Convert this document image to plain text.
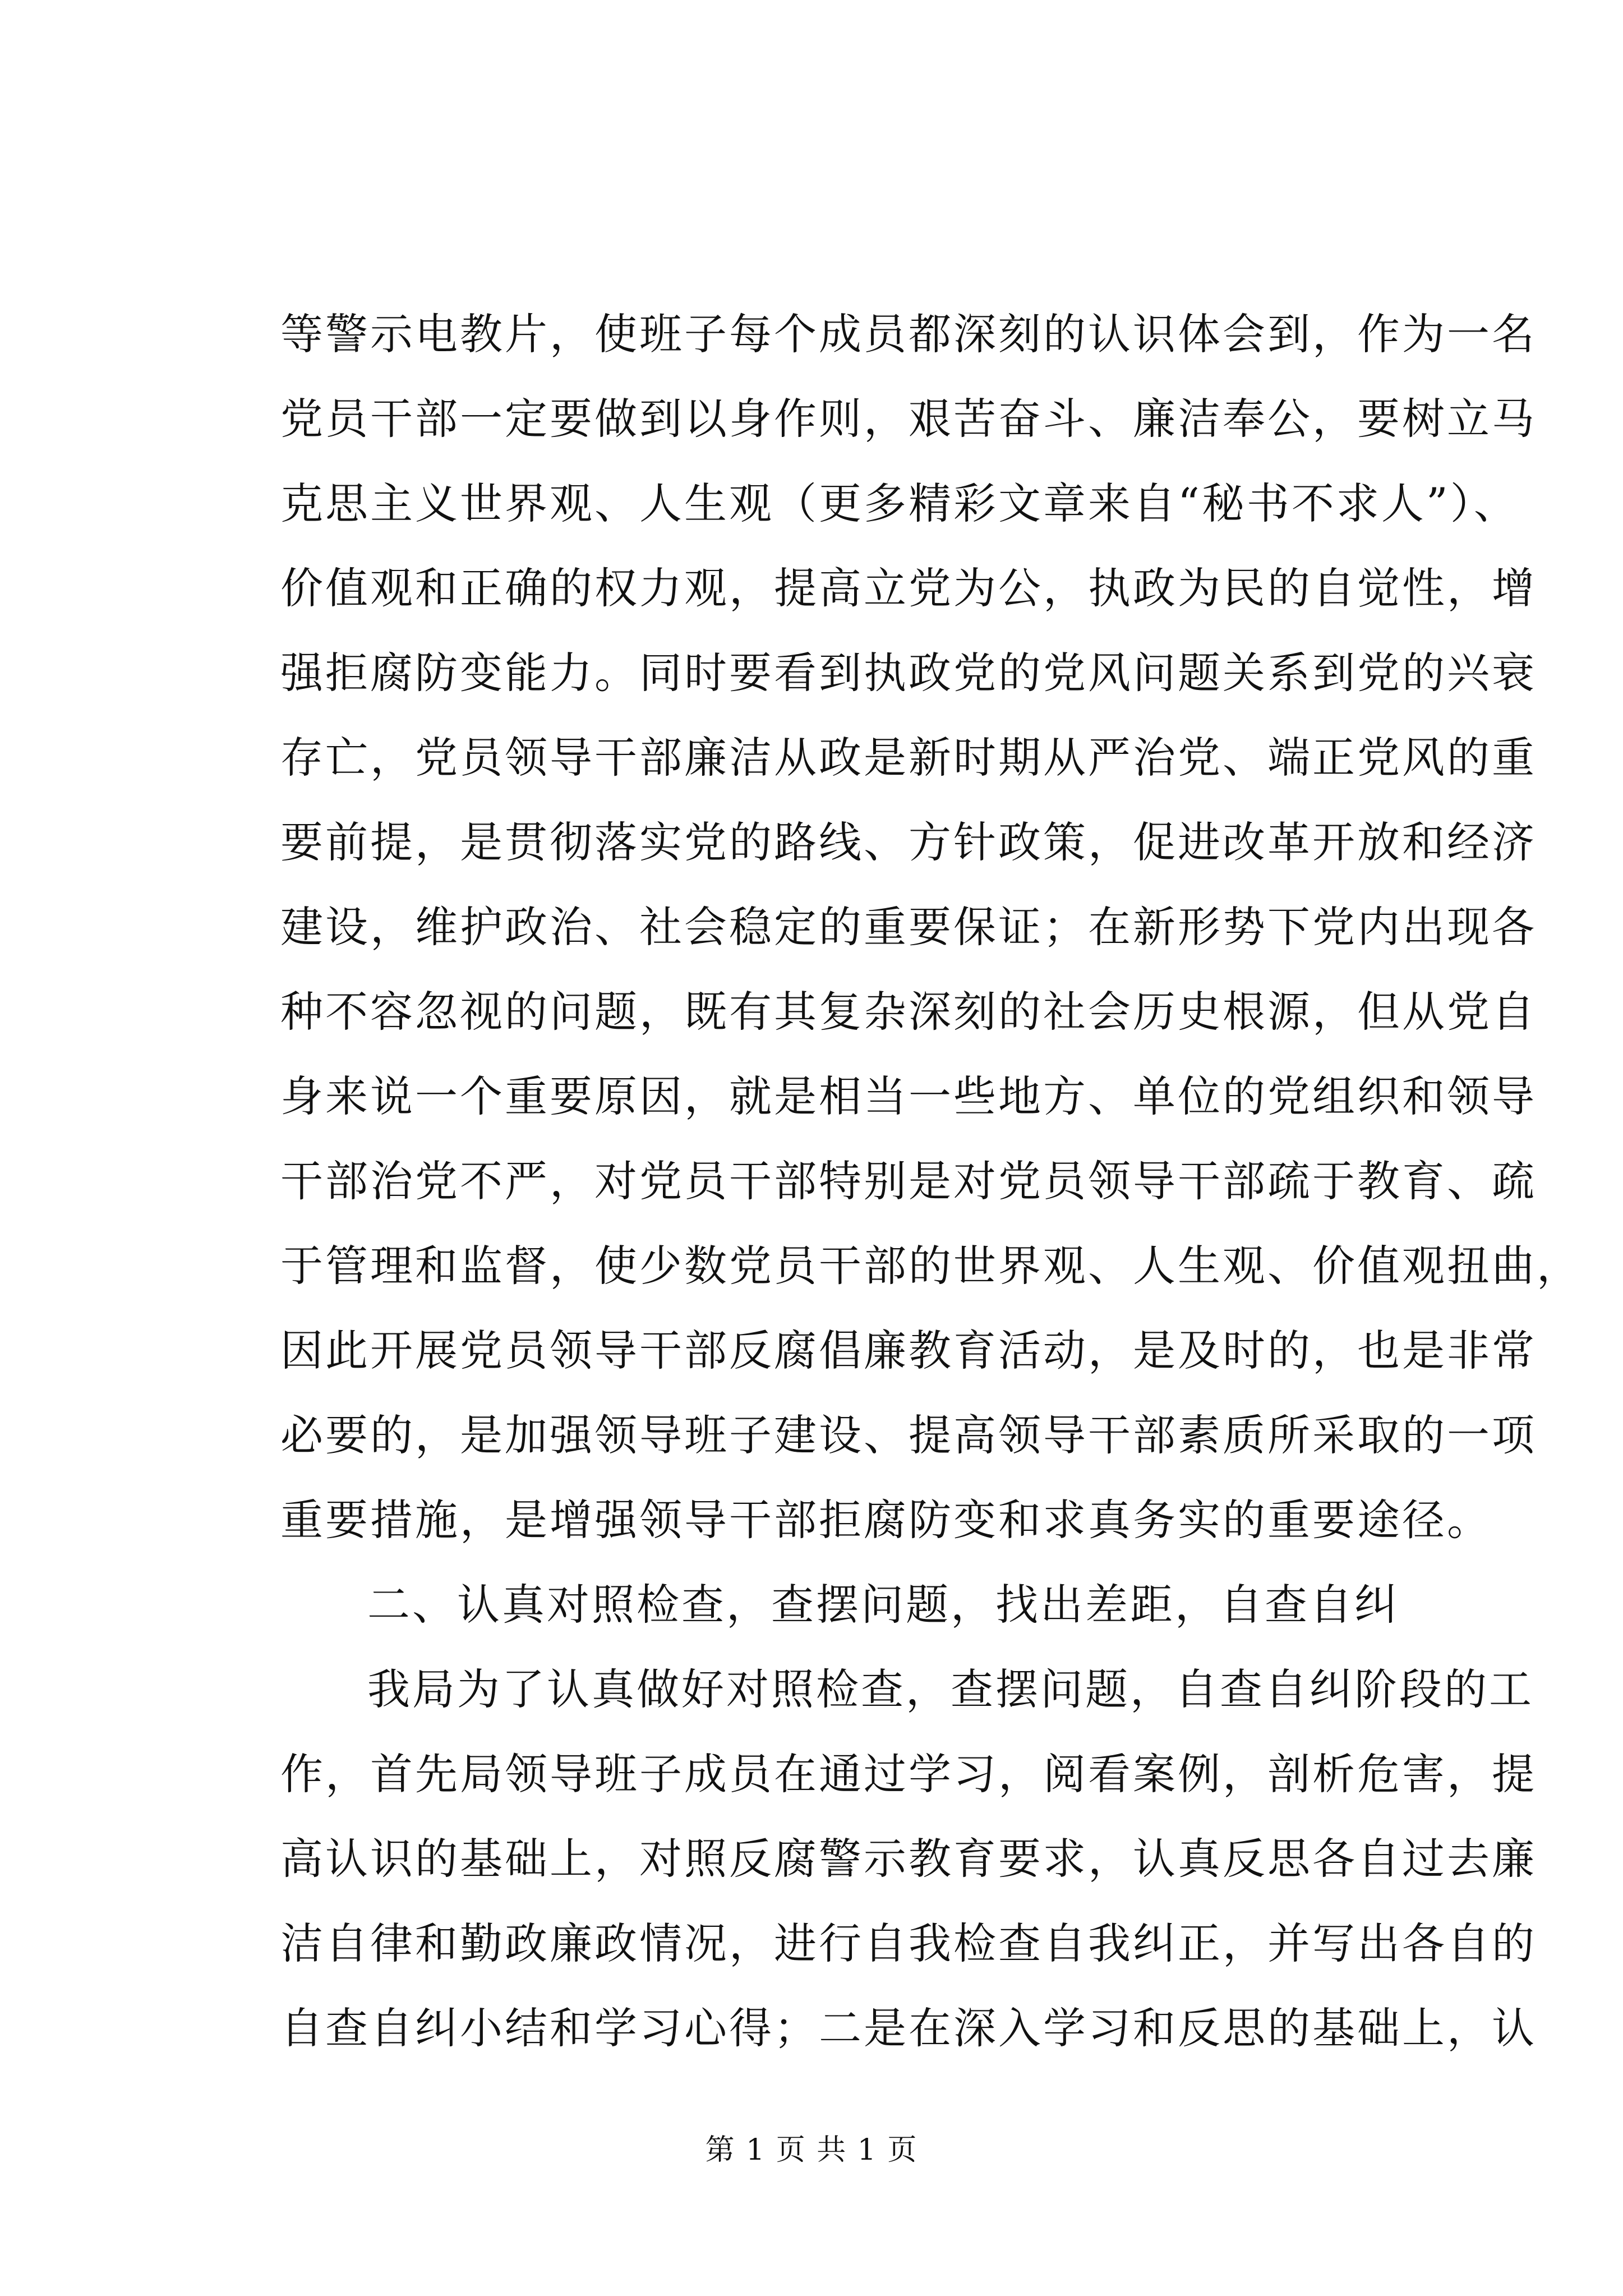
等警示电教片，使班子每个成员都深刻的认识体会到，作为一名
党员干部一定要做到以身作则，艰苦奋斗、廉洁奉公，要树立马
克思主义世界观、人生观（更多精彩文章来自“秘书不求人”）、
价值观和正确的权力观，提高立党为公，执政为民的自觉性，增
强拒腐防变能力。同时要看到执政党的党风问题关系到党的兴衰
存亡，党员领导干部廉洁从政是新时期从严治党、端正党风的重
要前提，是贯彻落实党的路线、方针政策，促进改革开放和经济
建设，维护政治、社会稳定的重要保证；在新形势下党内出现各
种不容忽视的问题，既有其复杂深刻的社会历史根源，但从党自
身来说一个重要原因，就是相当一些地方、单位的党组织和领导
干部治党不严，对党员干部特别是对党员领导干部疏于教育、疏
于管理和监督，使少数党员干部的世界观、人生观、价值观扭曲，
因此开展党员领导干部反腐倡廉教育活动，是及时的，也是非常
必要的，是加强领导班子建设、提高领导干部素质所采取的一项
重要措施，是增强领导干部拒腐防变和求真务实的重要途径。
二、认真对照检查，查摆问题，找出差距，自查自纠
我局为了认真做好对照检查，查摆问题，自查自纠阶段的工
作，首先局领导班子成员在通过学习，阅看案例，剖析危害，提
高认识的基础上，对照反腐警示教育要求，认真反思各自过去廉
洁自律和勤政廉政情况，进行自我检查自我纠正，并写出各自的
自查自纠小结和学习心得；二是在深入学习和反思的基础上，认
第 1 页 共 1 页
